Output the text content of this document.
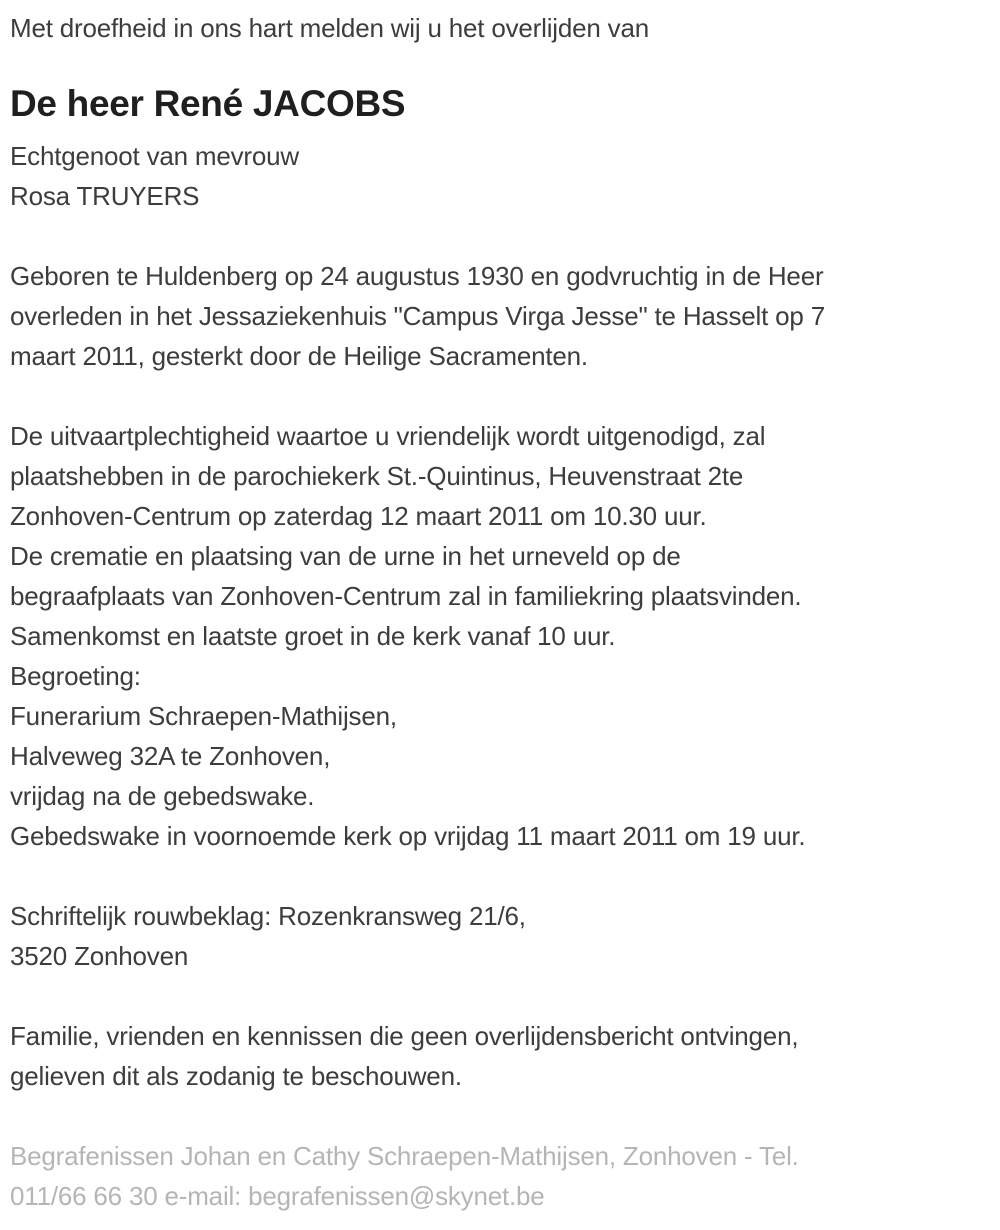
Met droefheid in ons hart melden wij u het overlijden van

De heer René JACOBS

Echtgenoot van mevrouw

Rosa TRUYERS

Geboren te Huldenberg op 24 augustus 1930 en godvruchtig in de Heer

overleden in het Jessaziekenhuis "Campus Virga Jesse" te Hasselt op 7

maart 2011, gesterkt door de Heilige Sacramenten.

De uitvaartplechtigheid waartoe u vriendelijk wordt uitgenodigd, zal

plaatshebben in de parochiekerk St.-Quintinus, Heuvenstraat 2te

Zonhoven-Centrum op zaterdag 12 maart 2011 om 10.30 uur.

De crematie en plaatsing van de urne in het urneveld op de

begraafplaats van Zonhoven-Centrum zal in familiekring plaatsvinden.

Samenkomst en laatste groet in de kerk vanaf 10 uur.

Begroeting:

Funerarium Schraepen-Mathijsen,

Halveweg 32A te Zonhoven,

vrijdag na de gebedswake.

Gebedswake in voornoemde kerk op vrijdag 11 maart 2011 om 19 uur.

Schriftelijk rouwbeklag: Rozenkransweg 21/6,

3520 Zonhoven

Familie, vrienden en kennissen die geen overlijdensbericht ontvingen,

gelieven dit als zodanig te beschouwen.

Begrafenissen Johan en Cathy Schraepen-Mathijsen, Zonhoven - Tel.

011/66 66 30 e-mail: begrafenissen@skynet.be
